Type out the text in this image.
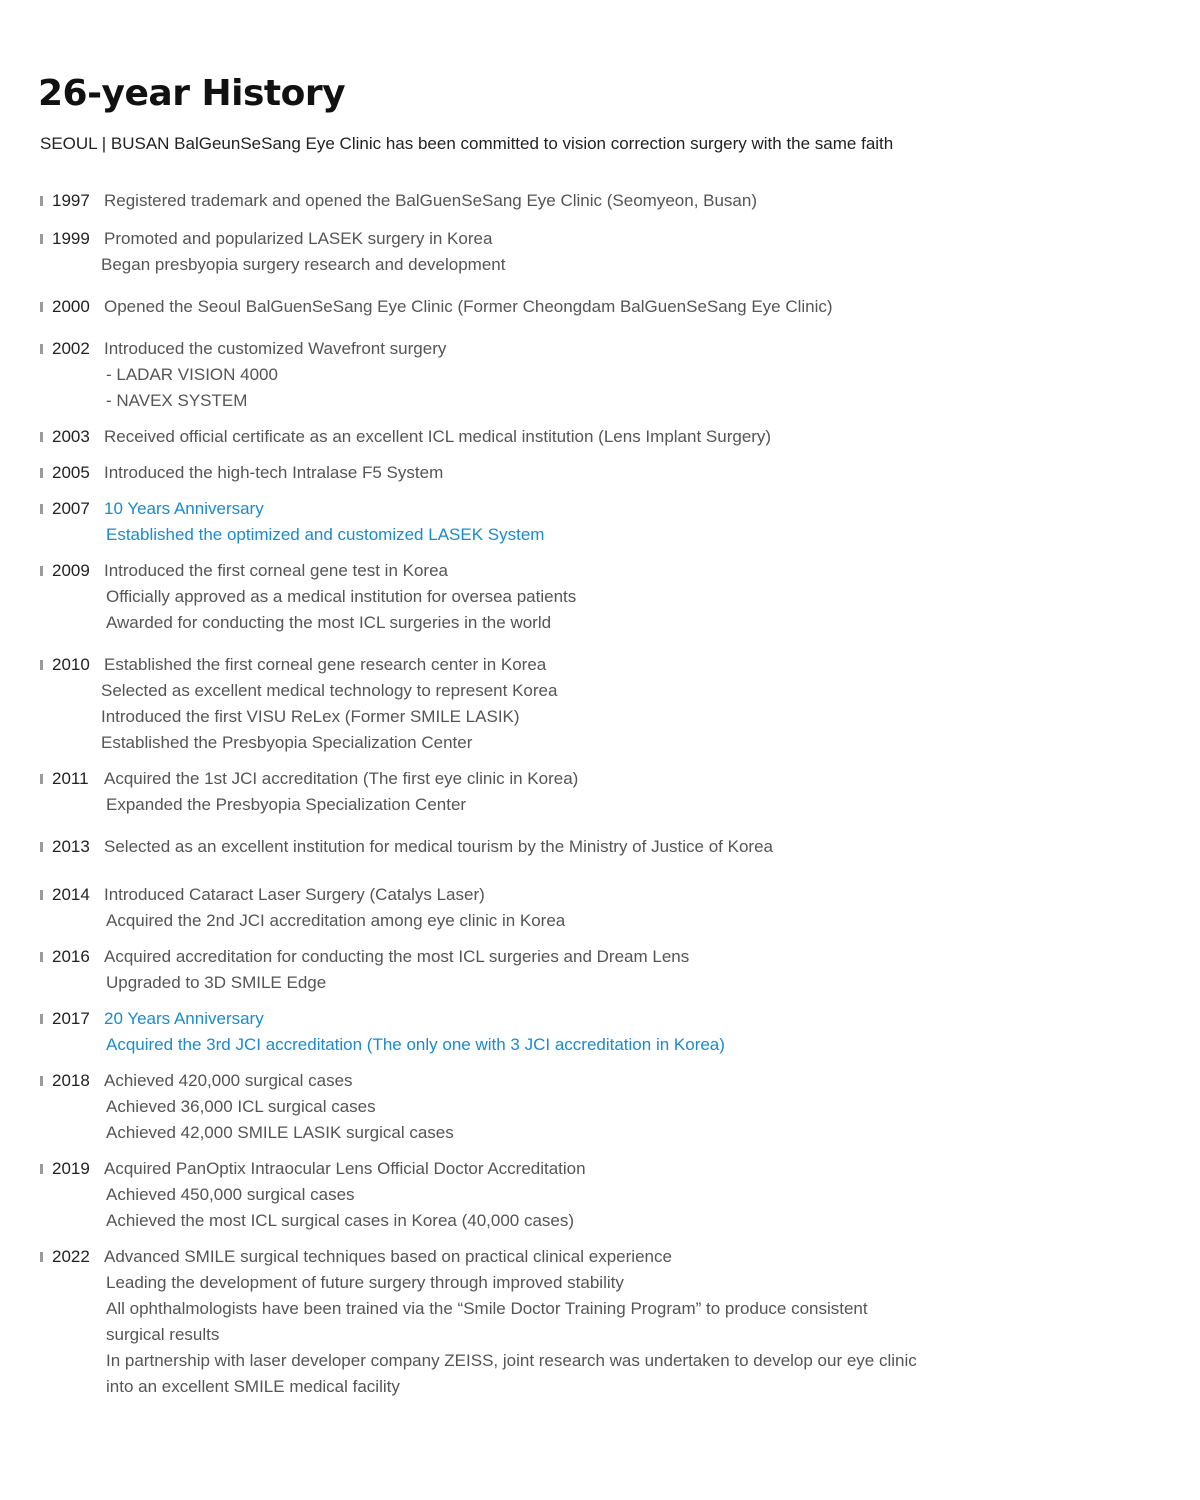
26-year History

SEOUL | BUSAN BalGeunSeSang Eye Clinic has been committed to vision correction surgery with the same faith

1997 Registered trademark and opened the BalGuenSeSang Eye Clinic (Seomyeon, Busan)
1999 Promoted and popularized LASEK surgery in Korea
Began presbyopia surgery research and development
2000 Opened the Seoul BalGuenSeSang Eye Clinic (Former Cheongdam BalGuenSeSang Eye Clinic)
2002 Introduced the customized Wavefront surgery
- LADAR VISION 4000
- NAVEX SYSTEM
2003 Received official certificate as an excellent ICL medical institution (Lens Implant Surgery)
2005 Introduced the high-tech Intralase F5 System
2007 10 Years Anniversary
Established the optimized and customized LASEK System
2009 Introduced the first corneal gene test in Korea
Officially approved as a medical institution for oversea patients
Awarded for conducting the most ICL surgeries in the world
2010 Established the first corneal gene research center in Korea
Selected as excellent medical technology to represent Korea
Introduced the first VISU ReLex (Former SMILE LASIK)
Established the Presbyopia Specialization Center
2011 Acquired the 1st JCI accreditation (The first eye clinic in Korea)
Expanded the Presbyopia Specialization Center
2013 Selected as an excellent institution for medical tourism by the Ministry of Justice of Korea
2014 Introduced Cataract Laser Surgery (Catalys Laser)
Acquired the 2nd JCI accreditation among eye clinic in Korea
2016 Acquired accreditation for conducting the most ICL surgeries and Dream Lens
Upgraded to 3D SMILE Edge
2017 20 Years Anniversary
Acquired the 3rd JCI accreditation (The only one with 3 JCI accreditation in Korea)
2018 Achieved 420,000 surgical cases
Achieved 36,000 ICL surgical cases
Achieved 42,000 SMILE LASIK surgical cases
2019 Acquired PanOptix Intraocular Lens Official Doctor Accreditation
Achieved 450,000 surgical cases
Achieved the most ICL surgical cases in Korea (40,000 cases)
2022 Advanced SMILE surgical techniques based on practical clinical experience
Leading the development of future surgery through improved stability
All ophthalmologists have been trained via the “Smile Doctor Training Program” to produce consistent
surgical results
In partnership with laser developer company ZEISS, joint research was undertaken to develop our eye clinic
into an excellent SMILE medical facility
